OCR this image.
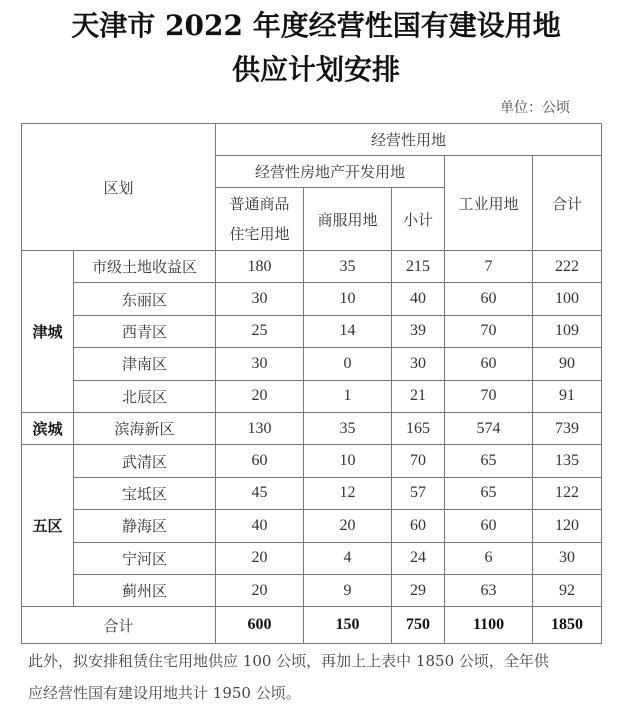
天津市 2022 年度经营性国有建设用地
供应计划安排
单位：公顷
区划		经营性用地				
		经营性房地产开发用地			工业用地	合计
		普通商品
住宅用地	商服用地	小计		

津城	市级土地收益区	180	35	215	7	222
	东丽区	30	10	40	60	100
	西青区	25	14	39	70	109
	津南区	30	0	30	60	90
	北辰区	20	1	21	70	91
滨城	滨海新区	130	35	165	574	739
五区	武清区	60	10	70	65	135
	宝坻区	45	12	57	65	122
	静海区	40	20	60	60	120
	宁河区	20	4	24	6	30
	蓟州区	20	9	29	63	92
合计		600	150	750	1100	1850
此外，拟安排租赁住宅用地供应 100 公顷，再加上上表中 1850 公顷，全年供
应经营性国有建设用地共计 1950 公顷。
